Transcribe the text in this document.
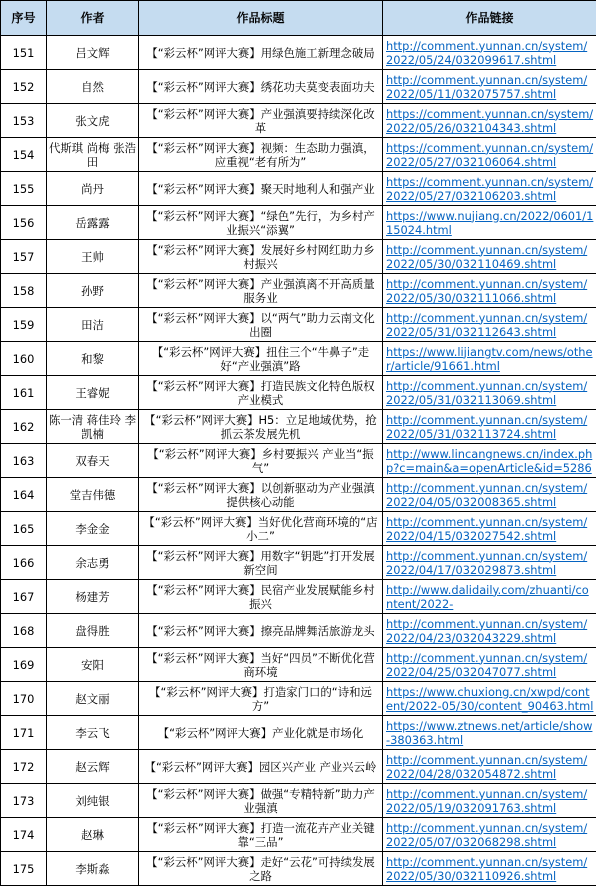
序号	作者	作品标题	作品链接
151	吕文辉	【“彩云杯”网评大赛】用绿色施工新理念破局	http://comment.yunnan.cn/system/2022/05/24/032099617.shtml
152	自然	【“彩云杯”网评大赛】绣花功夫莫变表面功夫	http://comment.yunnan.cn/system/2022/05/11/032075757.shtml
153	张文虎	【“彩云杯”网评大赛】产业强滇要持续深化改革	https://comment.yunnan.cn/system/2022/05/26/032104343.shtml
154	代斯琪 尚梅 张浩田	【“彩云杯”网评大赛】视频：生态助力强滇，应重视“老有所为”	https://comment.yunnan.cn/system/2022/05/27/032106064.shtml
155	尚丹	【“彩云杯”网评大赛】聚天时地利人和强产业	https://comment.yunnan.cn/system/2022/05/27/032106203.shtml
156	岳露露	【“彩云杯”网评大赛】“绿色”先行，为乡村产业振兴“添翼”	https://www.nujiang.cn/2022/0601/115024.html
157	王帅	【“彩云杯”网评大赛】发展好乡村网红助力乡村振兴	http://comment.yunnan.cn/system/2022/05/30/032110469.shtml
158	孙野	【“彩云杯”网评大赛】产业强滇离不开高质量服务业	http://comment.yunnan.cn/system/2022/05/30/032111066.shtml
159	田洁	【“彩云杯”网评大赛】以“两气”助力云南文化出圈	http://comment.yunnan.cn/system/2022/05/31/032112643.shtml
160	和黎	【“彩云杯”网评大赛】扭住三个“牛鼻子”走好“产业强滇”路	https://www.lijiangtv.com/news/other/article/91661.html
161	王睿妮	【“彩云杯”网评大赛】打造民族文化特色版权产业模式	http://comment.yunnan.cn/system/2022/05/31/032113069.shtml
162	陈一清 蒋佳玲 李凯楠	【“彩云杯”网评大赛】H5：立足地域优势，抢抓云茶发展先机	http://comment.yunnan.cn/system/2022/05/31/032113724.shtml
163	双春天	【“彩云杯”网评大赛】乡村要振兴 产业当“振气”	http://www.lincangnews.cn/index.php?c=main&a=openArticle&id=5286
164	堂吉伟德	【“彩云杯”网评大赛】以创新驱动为产业强滇提供核心动能	http://comment.yunnan.cn/system/2022/04/05/032008365.shtml
165	李金金	【“彩云杯”网评大赛】当好优化营商环境的“店小二”	http://comment.yunnan.cn/system/2022/04/15/032027542.shtml
166	余志勇	【“彩云杯”网评大赛】用数字“钥匙”打开发展新空间	http://comment.yunnan.cn/system/2022/04/17/032029873.shtml
167	杨建芳	【“彩云杯”网评大赛】民宿产业发展赋能乡村振兴	http://www.dalidaily.com/zhuanti/content/2022-
168	盘得胜	【“彩云杯”网评大赛】擦亮品牌舞活旅游龙头	http://comment.yunnan.cn/system/2022/04/23/032043229.shtml
169	安阳	【“彩云杯”网评大赛】当好“四员”不断优化营商环境	http://comment.yunnan.cn/system/2022/04/25/032047077.shtml
170	赵文丽	【“彩云杯”网评大赛】打造家门口的“诗和远方”	https://www.chuxiong.cn/xwpd/content/2022-05/30/content_90463.html
171	李云飞	【“彩云杯”网评大赛】产业化就是市场化	https://www.ztnews.net/article/show-380363.html
172	赵云辉	【“彩云杯”网评大赛】园区兴产业 产业兴云岭	http://comment.yunnan.cn/system/2022/04/28/032054872.shtml
173	刘纯银	【“彩云杯”网评大赛】做强“专精特新”助力产业强滇	http://comment.yunnan.cn/system/2022/05/19/032091763.shtml
174	赵琳	【“彩云杯”网评大赛】打造一流花卉产业关键靠“三品”	http://comment.yunnan.cn/system/2022/05/07/032068298.shtml
175	李斯淼	【“彩云杯”网评大赛】走好“云花”可持续发展之路	http://comment.yunnan.cn/system/2022/05/30/032110926.shtml
